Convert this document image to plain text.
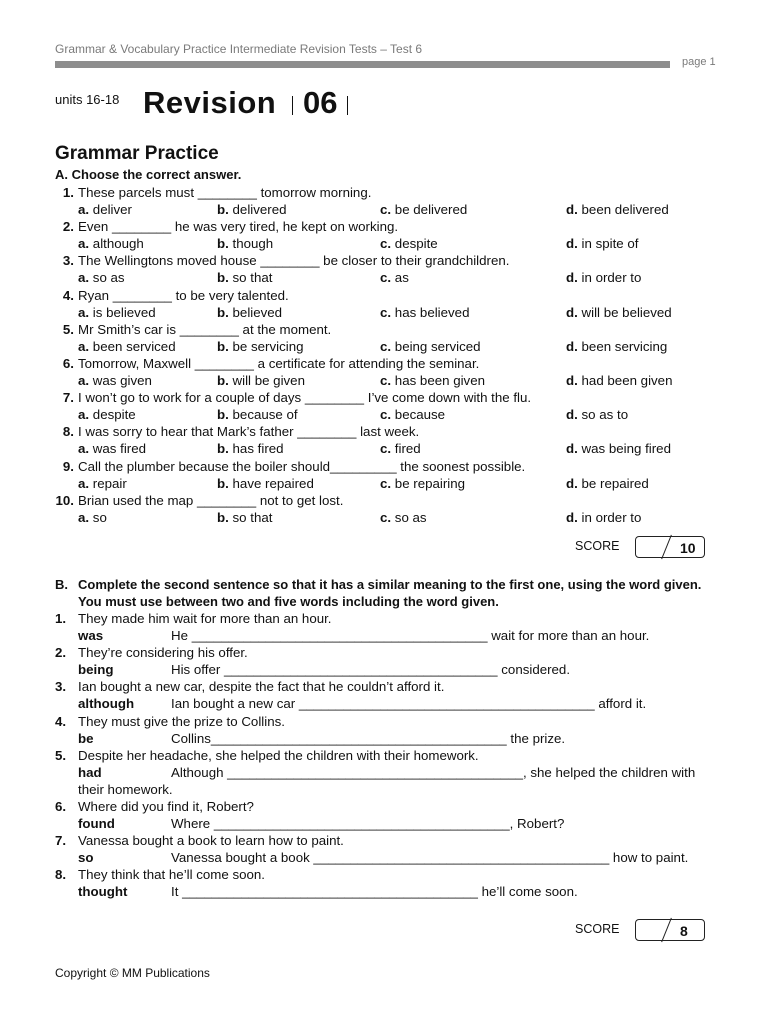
Grammar & Vocabulary Practice Intermediate Revision Tests – Test 6
page 1
units 16-18 Revision 06
Grammar Practice
A. Choose the correct answer.
1. These parcels must ________ tomorrow morning.
a. deliver	b. delivered	c. be delivered	d. been delivered
2. Even ________ he was very tired, he kept on working.
a. although	b. though	c. despite	d. in spite of
3. The Wellingtons moved house ________ be closer to their grandchildren.
a. so as	b. so that	c. as	d. in order to
4. Ryan ________ to be very talented.
a. is believed	b. believed	c. has believed	d. will be believed
5. Mr Smith’s car is ________ at the moment.
a. been serviced	b. be servicing	c. being serviced	d. been servicing
6. Tomorrow, Maxwell ________ a certificate for attending the seminar.
a. was given	b. will be given	c. has been given	d. had been given
7. I won’t go to work for a couple of days ________ I’ve come down with the flu.
a. despite	b. because of	c. because	d. so as to
8. I was sorry to hear that Mark’s father ________ last week.
a. was fired	b. has fired	c. fired	d. was being fired
9. Call the plumber because the boiler should_________ the soonest possible.
a. repair	b. have repaired	c. be repairing	d. be repaired
10. Brian used the map ________ not to get lost.
a. so	b. so that	c. so as	d. in order to
SCORE	10
B. Complete the second sentence so that it has a similar meaning to the first one, using the word given. You must use between two and five words including the word given.
1. They made him wait for more than an hour.
was	He ________________________________________ wait for more than an hour.
2. They’re considering his offer.
being	His offer _____________________________________ considered.
3. Ian bought a new car, despite the fact that he couldn’t afford it.
although	Ian bought a new car ________________________________________ afford it.
4. They must give the prize to Collins.
be	Collins________________________________________ the prize.
5. Despite her headache, she helped the children with their homework.
had	Although ________________________________________, she helped the children with
their homework.
6. Where did you find it, Robert?
found	Where ________________________________________, Robert?
7. Vanessa bought a book to learn how to paint.
so	Vanessa bought a book ________________________________________ how to paint.
8. They think that he’ll come soon.
thought	It ________________________________________ he’ll come soon.
SCORE	8
Copyright © MM Publications
